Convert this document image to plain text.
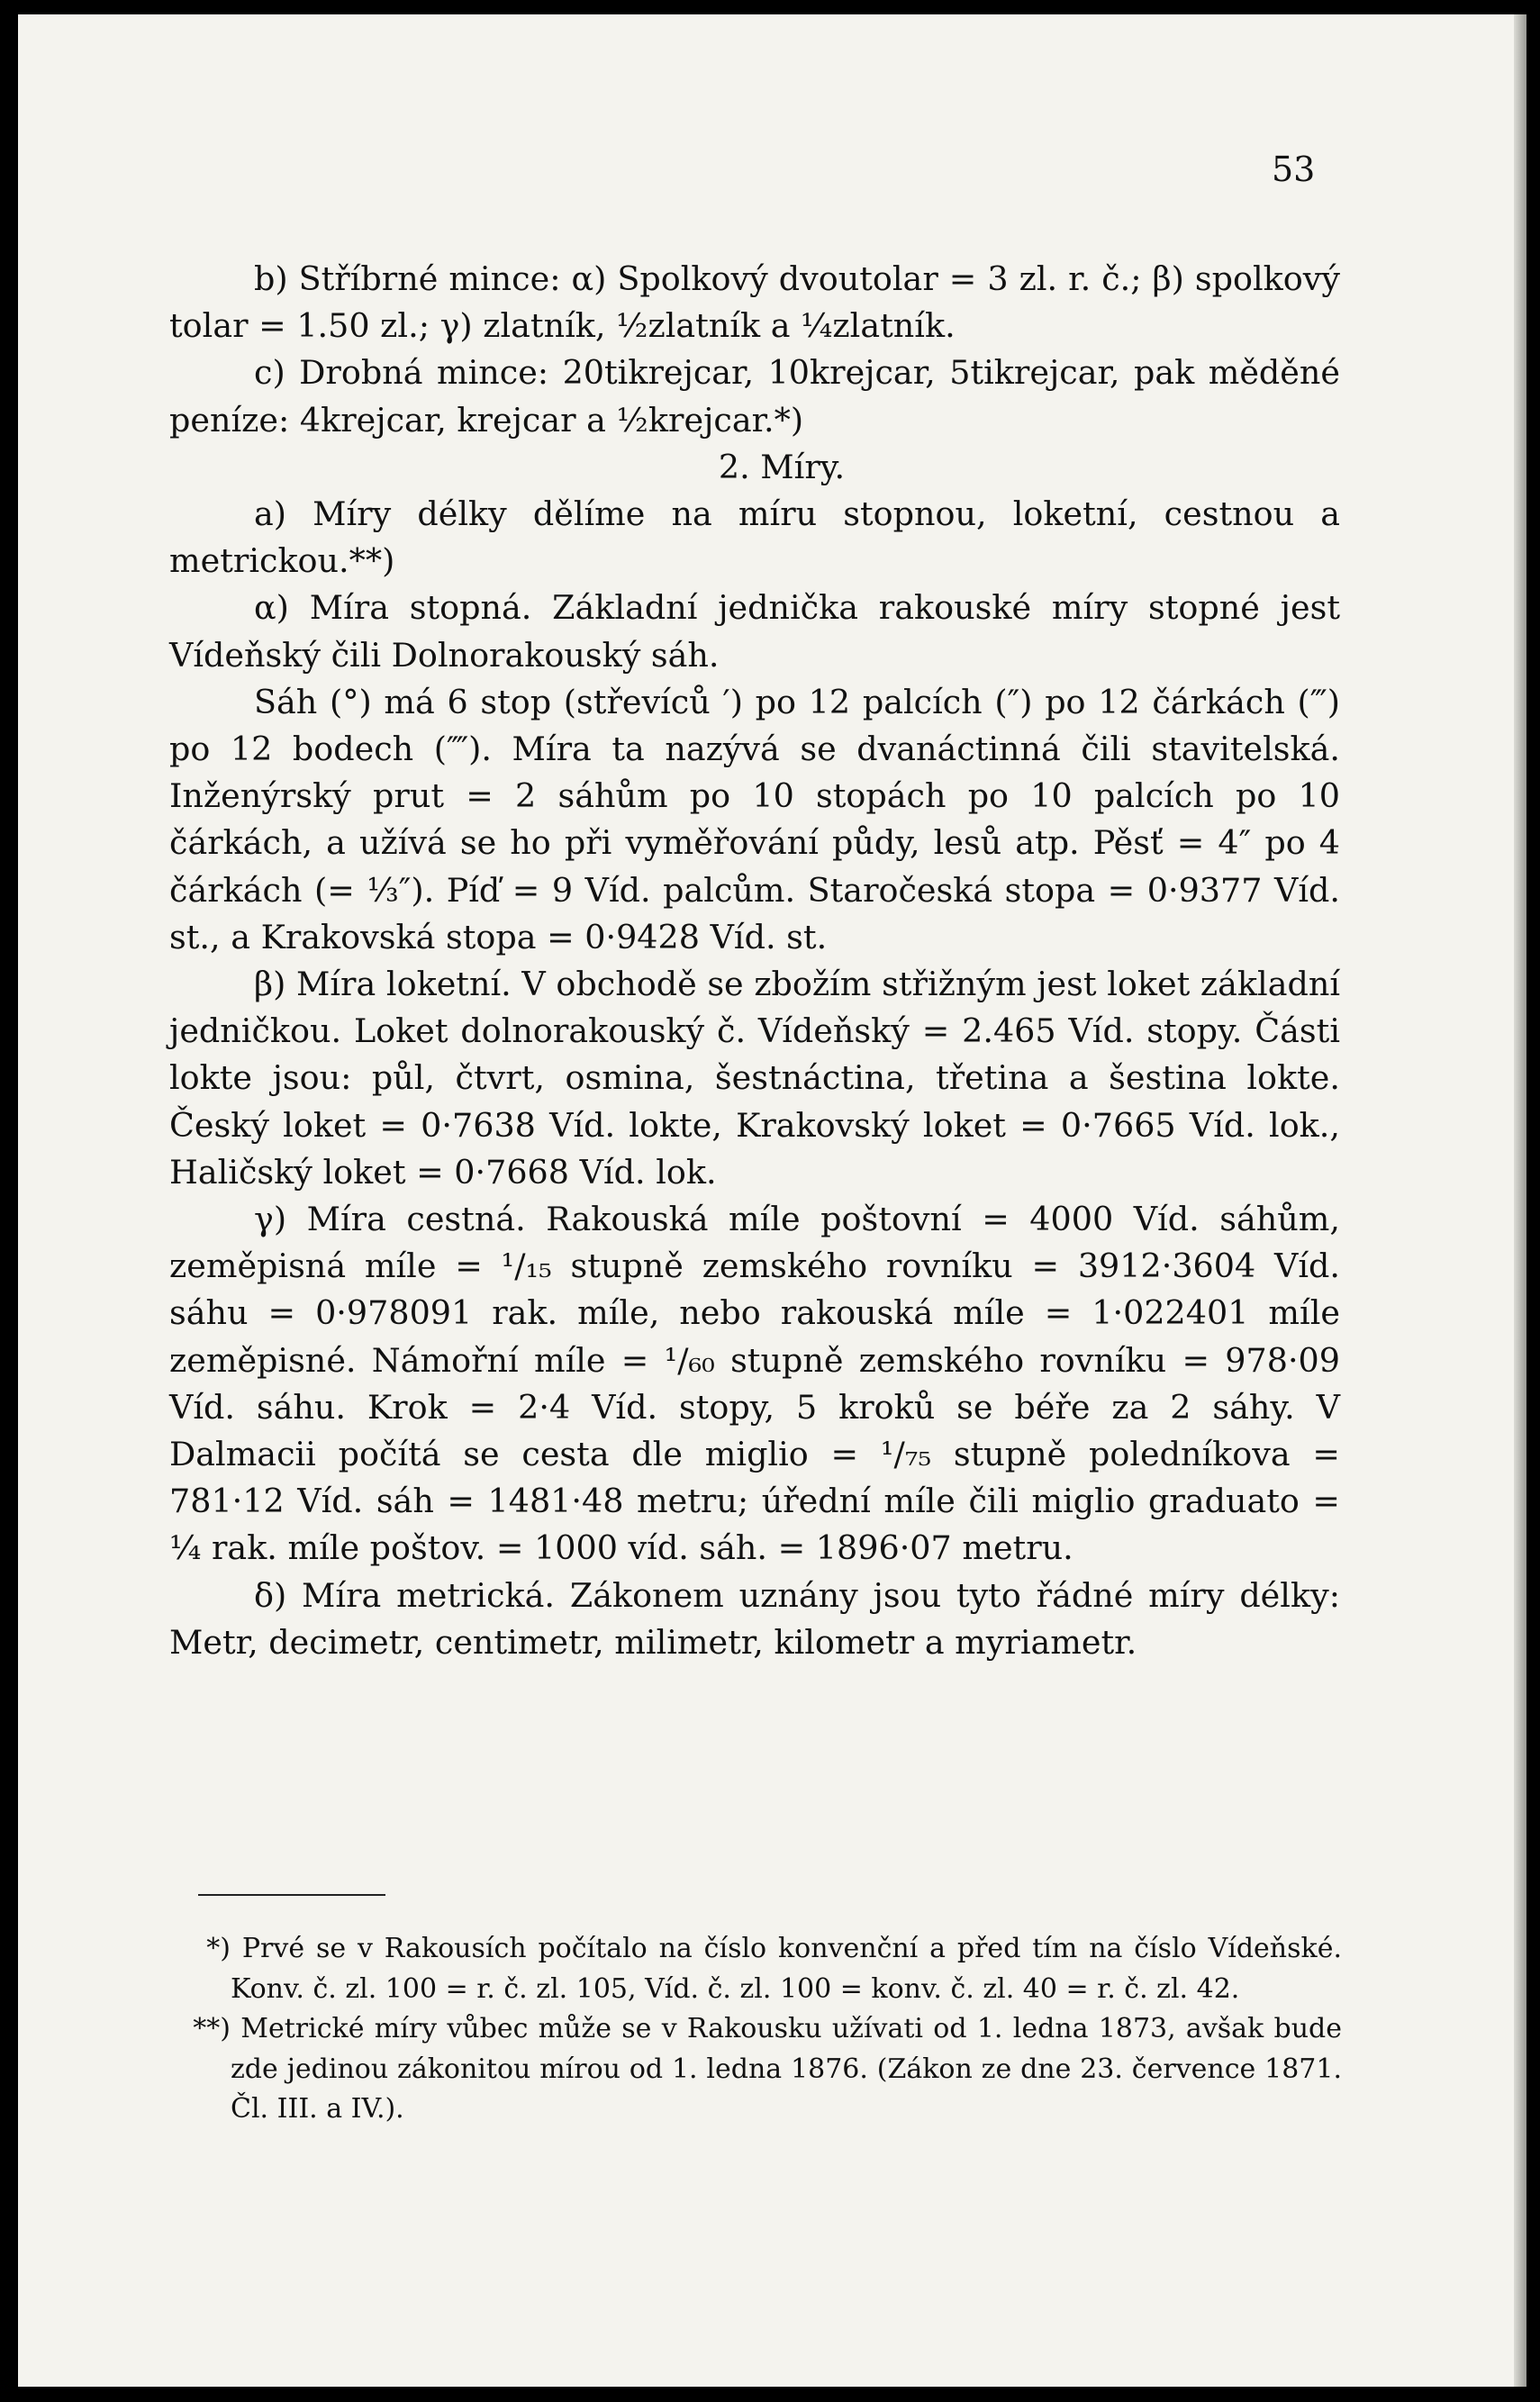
53

b) Stříbrné mince: α) Spolkový dvoutolar = 3 zl. r. č.; β) spolkový tolar = 1.50 zl.; γ) zlatník, ½zlatník a ¼zlatník.

c) Drobná mince: 20tikrejcar, 10krejcar, 5tikrejcar, pak měděné peníze: 4krejcar, krejcar a ½krejcar.*)

2. Míry.

a) Míry délky dělíme na míru stopnou, loketní, cestnou a metrickou.**)

α) Míra stopná. Základní jednička rakouské míry stopné jest Vídeňský čili Dolnorakouský sáh.

Sáh (°) má 6 stop (střevíců ′) po 12 palcích (″) po 12 čárkách (‴) po 12 bodech (⁗). Míra ta nazývá se dvanáctinná čili stavitelská. Inženýrský prut = 2 sáhům po 10 stopách po 10 palcích po 10 čárkách, a užívá se ho při vyměřování půdy, lesů atp. Pěsť = 4″ po 4 čárkách (= ⅓″). Píď = 9 Víd. palcům. Staročeská stopa = 0·9377 Víd. st., a Krakovská stopa = 0·9428 Víd. st.

β) Míra loketní. V obchodě se zbožím střižným jest loket základní jedničkou. Loket dolnorakouský č. Vídeňský = 2.465 Víd. stopy. Části lokte jsou: půl, čtvrt, osmina, šestnáctina, třetina a šestina lokte. Český loket = 0·7638 Víd. lokte, Krakovský loket = 0·7665 Víd. lok., Haličský loket = 0·7668 Víd. lok.

γ) Míra cestná. Rakouská míle poštovní = 4000 Víd. sáhům, zeměpisná míle = ¹/₁₅ stupně zemského rovníku = 3912·3604 Víd. sáhu = 0·978091 rak. míle, nebo rakouská míle = 1·022401 míle zeměpisné. Námořní míle = ¹/₆₀ stupně zemského rovníku = 978·09 Víd. sáhu. Krok = 2·4 Víd. stopy, 5 kroků se béře za 2 sáhy. V Dalmacii počítá se cesta dle miglio = ¹/₇₅ stupně poledníkova = 781·12 Víd. sáh = 1481·48 metru; úřední míle čili miglio graduato = ¼ rak. míle poštov. = 1000 víd. sáh. = 1896·07 metru.

δ) Míra metrická. Zákonem uznány jsou tyto řádné míry délky: Metr, decimetr, centimetr, milimetr, kilometr a myriametr.

*) Prvé se v Rakousích počítalo na číslo konvenční a před tím na číslo Vídeňské. Konv. č. zl. 100 = r. č. zl. 105, Víd. č. zl. 100 = konv. č. zl. 40 = r. č. zl. 42.

**) Metrické míry vůbec může se v Rakousku užívati od 1. ledna 1873, avšak bude zde jedinou zákonitou mírou od 1. ledna 1876. (Zákon ze dne 23. července 1871. Čl. III. a IV.).
